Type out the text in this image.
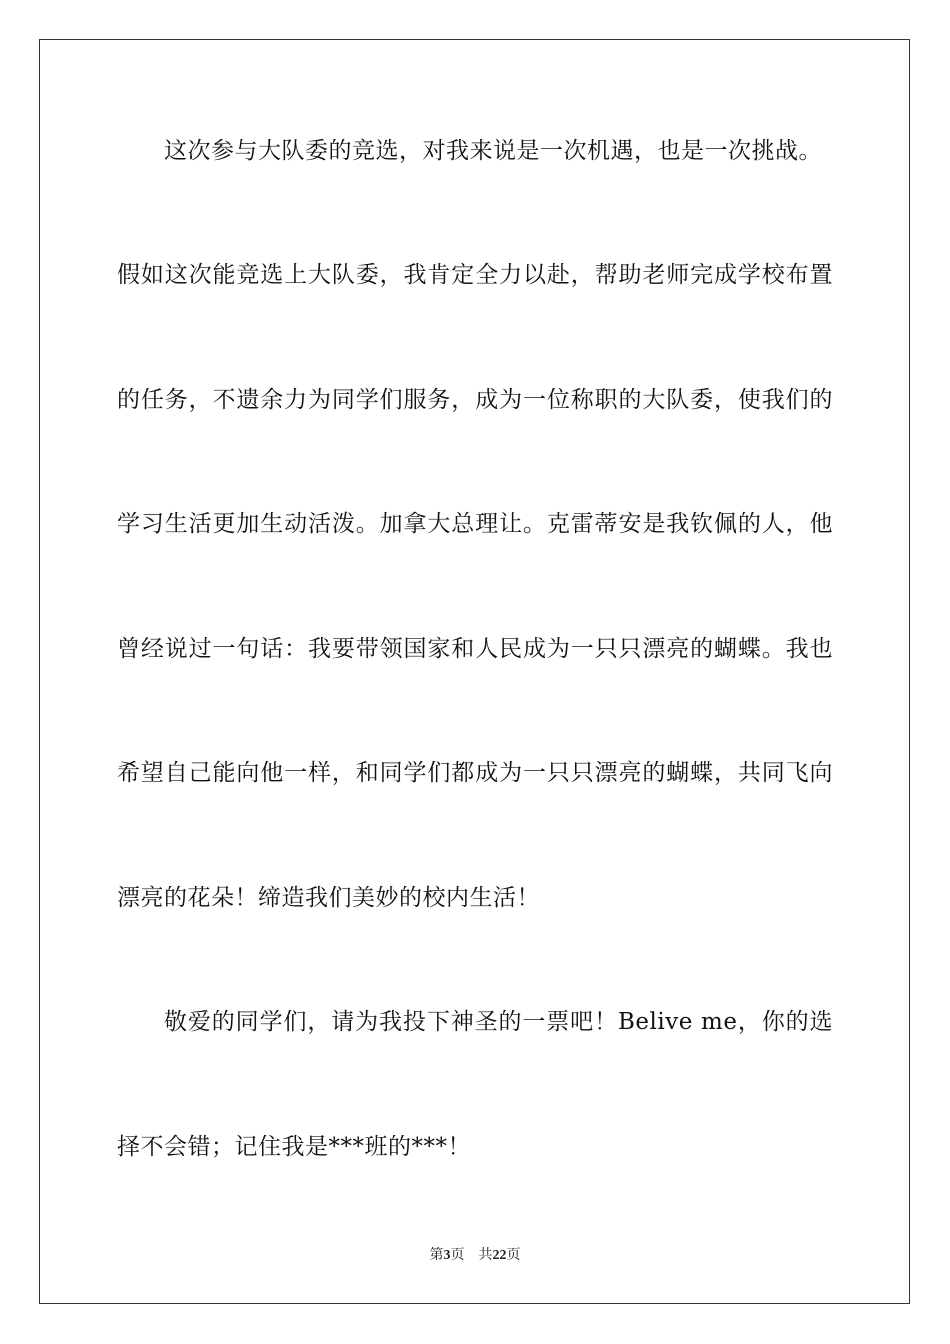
这次参与大队委的竞选，对我来说是一次机遇，也是一次挑战。
假如这次能竞选上大队委，我肯定全力以赴，帮助老师完成学校布置
的任务，不遗余力为同学们服务，成为一位称职的大队委，使我们的
学习生活更加生动活泼。加拿大总理让。克雷蒂安是我钦佩的人，他
曾经说过一句话：我要带领国家和人民成为一只只漂亮的蝴蝶。我也
希望自己能向他一样，和同学们都成为一只只漂亮的蝴蝶，共同飞向
漂亮的花朵！缔造我们美妙的校内生活！
敬爱的同学们，请为我投下神圣的一票吧！Belive me，你的选
择不会错；记住我是***班的***！
第3页 共22页
